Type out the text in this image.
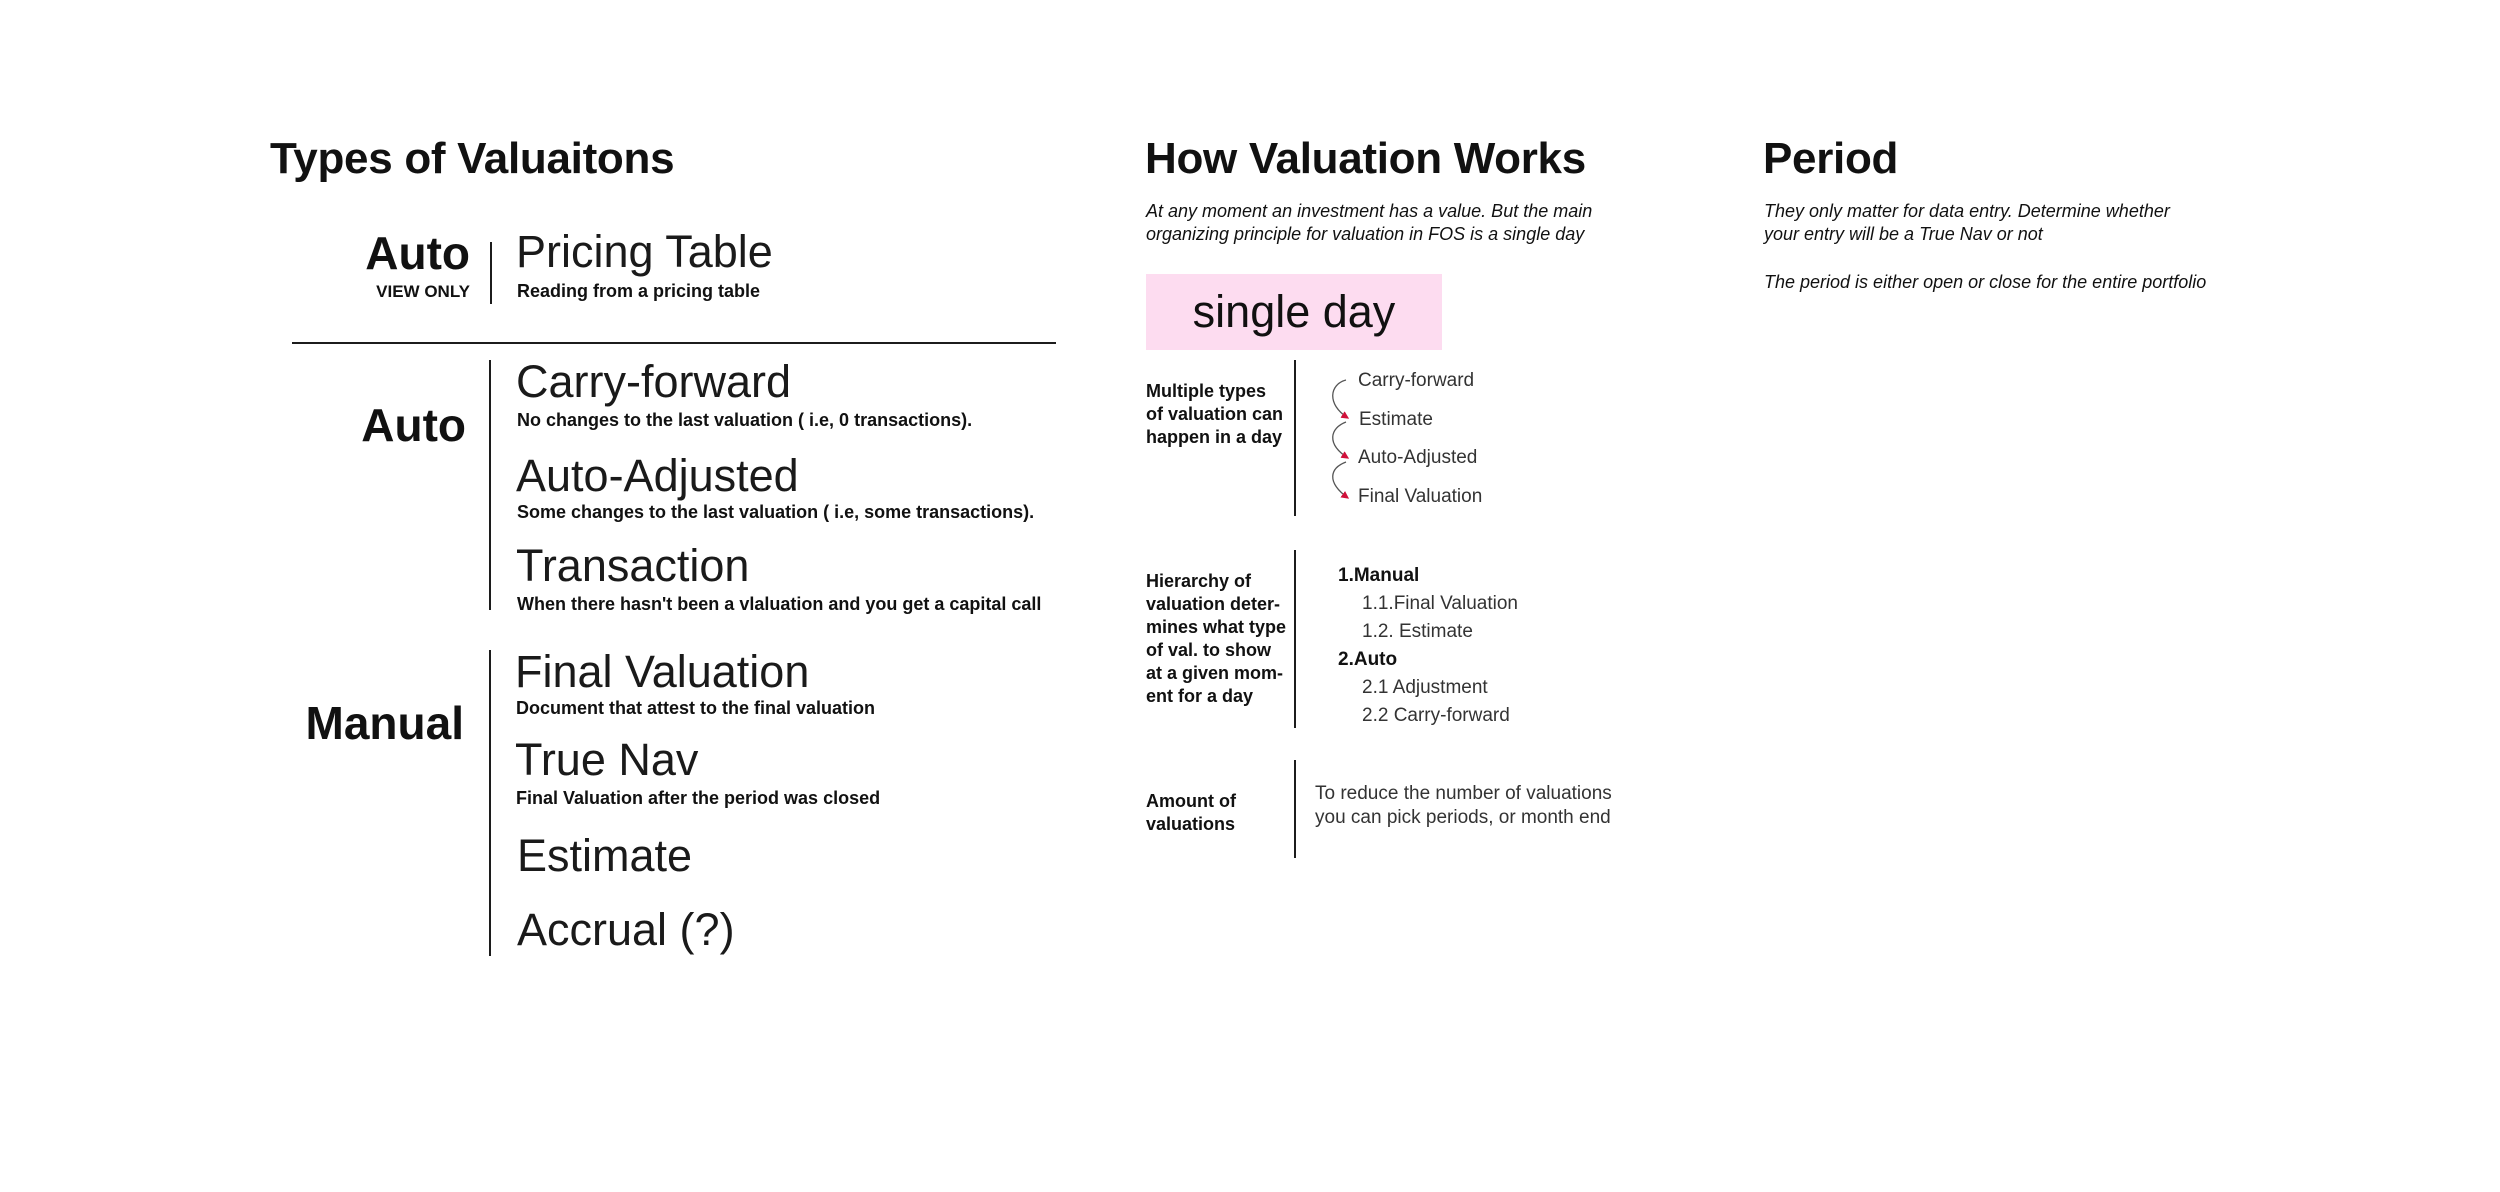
Types of Valuaitons
Auto
VIEW ONLY
Pricing Table
Reading from a pricing table
Auto
Carry-forward
No changes to the last valuation ( i.e, 0 transactions).
Auto-Adjusted
Some changes to the last valuation ( i.e, some transactions).
Transaction
When there hasn't been a vlaluation and you get a capital call
Manual
Final Valuation
Document that attest to the final valuation
True Nav
Final Valuation after the period was closed
Estimate
Accrual (?)
How Valuation Works
At any moment an investment has a value. But the main
organizing principle for valuation in FOS is a single day
single day
Multiple types
of valuation can
happen in a day
Carry-forward
Estimate
Auto-Adjusted
Final Valuation
Hierarchy of
valuation deter-
mines what type
of val. to show
at a given mom-
ent for a day
1.Manual
1.1.Final Valuation
1.2. Estimate
2.Auto
2.1 Adjustment
2.2 Carry-forward
Amount of
valuations
To reduce the number of valuations
you can pick periods, or month end
Period
They only matter for data entry. Determine whether
your entry will be a True Nav or not
The period is either open or close for the entire portfolio
